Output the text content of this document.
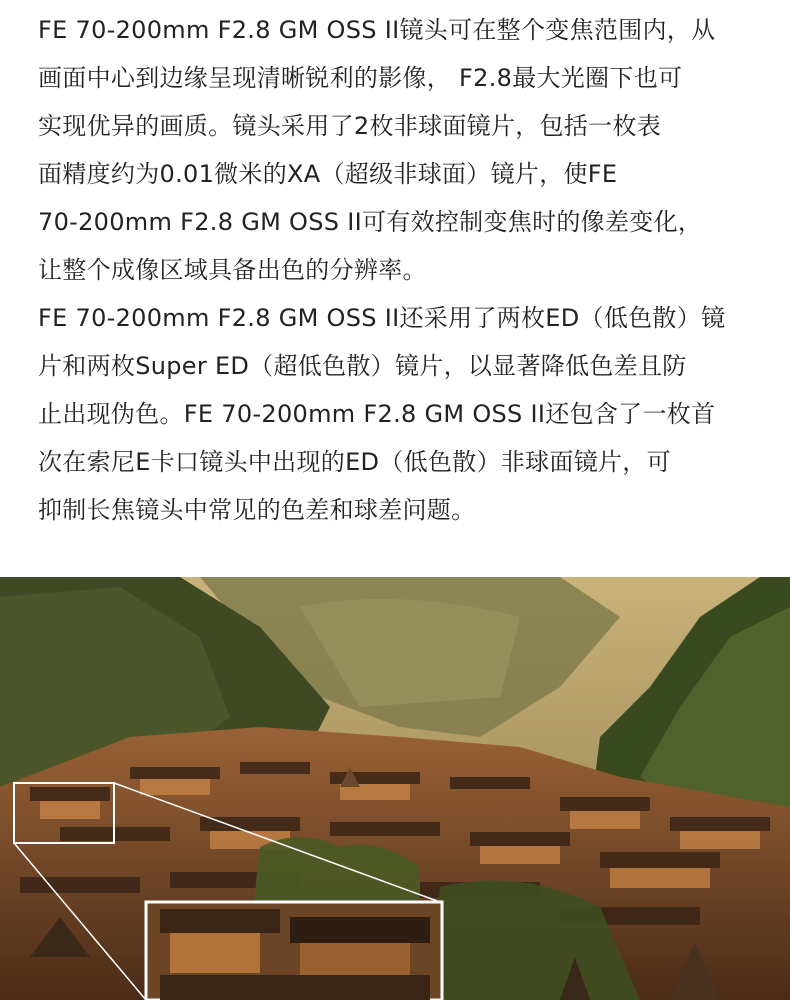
FE 70-200mm F2.8 GM OSS II镜头可在整个变焦范围内，从
画面中心到边缘呈现清晰锐利的影像， F2.8最大光圈下也可
实现优异的画质。镜头采用了2枚非球面镜片，包括一枚表
面精度约为0.01微米的XA（超级非球面）镜片，使FE
70-200mm F2.8 GM OSS II可有效控制变焦时的像差变化，
让整个成像区域具备出色的分辨率。

FE 70-200mm F2.8 GM OSS II还采用了两枚ED（低色散）镜
片和两枚Super ED（超低色散）镜片，以显著降低色差且防
止出现伪色。FE 70-200mm F2.8 GM OSS II还包含了一枚首
次在索尼E卡口镜头中出现的ED（低色散）非球面镜片，可
抑制长焦镜头中常见的色差和球差问题。
